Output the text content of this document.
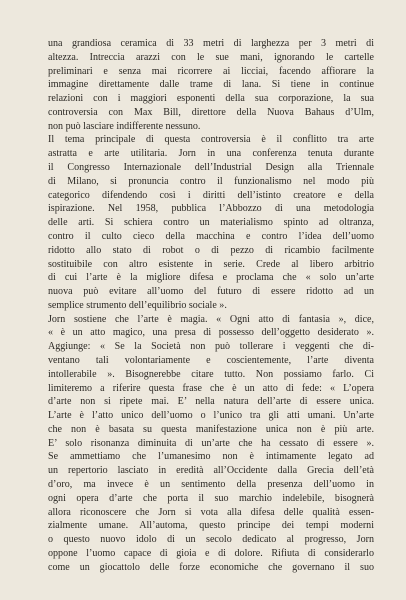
una grandiosa ceramica di 33 metri di larghezza per 3 metri di
altezza. Intreccia arazzi con le sue mani, ignorando le cartelle
preliminari e senza mai ricorrere ai licciai, facendo affiorare la
immagine direttamente dalle trame di lana. Si tiene in continue
relazioni con i maggiori esponenti della sua corporazione, la sua
controversia con Max Bill, direttore della Nuova Bahaus d’Ulm,
non può lasciare indifferente nessuno.
Il tema principale di questa controversia è il conflitto tra arte
astratta e arte utilitaria. Jorn in una conferenza tenuta durante
il Congresso Internazionale dell’Industrial Design alla Triennale
di Milano, si pronuncia contro il funzionalismo nel modo più
categorico difendendo così i diritti dell’istinto creatore e della
ispirazione. Nel 1958, pubblica l’Abbozzo di una metodologia
delle arti. Si schiera contro un materialismo spinto ad oltranza,
contro il culto cieco della macchina e contro l’idea dell’uomo
ridotto allo stato di robot o di pezzo di ricambio facilmente
sostituibile con altro esistente in serie. Crede al libero arbitrio
di cui l’arte è la migliore difesa e proclama che « solo un’arte
nuova può evitare all’uomo del futuro di essere ridotto ad un
semplice strumento dell’equilibrio sociale ».
Jorn sostiene che l’arte è magia. « Ogni atto di fantasia », dice,
« è un atto magico, una presa di possesso dell’oggetto desiderato ».
Aggiunge: « Se la Società non può tollerare i veggenti che di-
ventano tali volontariamente e coscientemente, l’arte diventa
intollerabile ». Bisognerebbe citare tutto. Non possiamo farlo. Ci
limiteremo a riferire questa frase che è un atto di fede: « L’opera
d’arte non si ripete mai. E’ nella natura dell’arte di essere unica.
L’arte è l’atto unico dell’uomo o l’unico tra gli atti umani. Un’arte
che non è basata su questa manifestazione unica non è più arte.
E’ solo risonanza diminuita di un’arte che ha cessato di essere ».
Se ammettiamo che l’umanesimo non è intimamente legato ad
un repertorio lasciato in eredità all’Occidente dalla Grecia dell’età
d’oro, ma invece è un sentimento della presenza dell’uomo in
ogni opera d’arte che porta il suo marchio indelebile, bisognerà
allora riconoscere che Jorn si vota alla difesa delle qualità essen-
zialmente umane. All’automa, questo principe dei tempi moderni
o questo nuovo idolo di un secolo dedicato al progresso, Jorn
oppone l’uomo capace di gioia e di dolore. Rifiuta di considerarlo
come un giocattolo delle forze economiche che governano il suo
